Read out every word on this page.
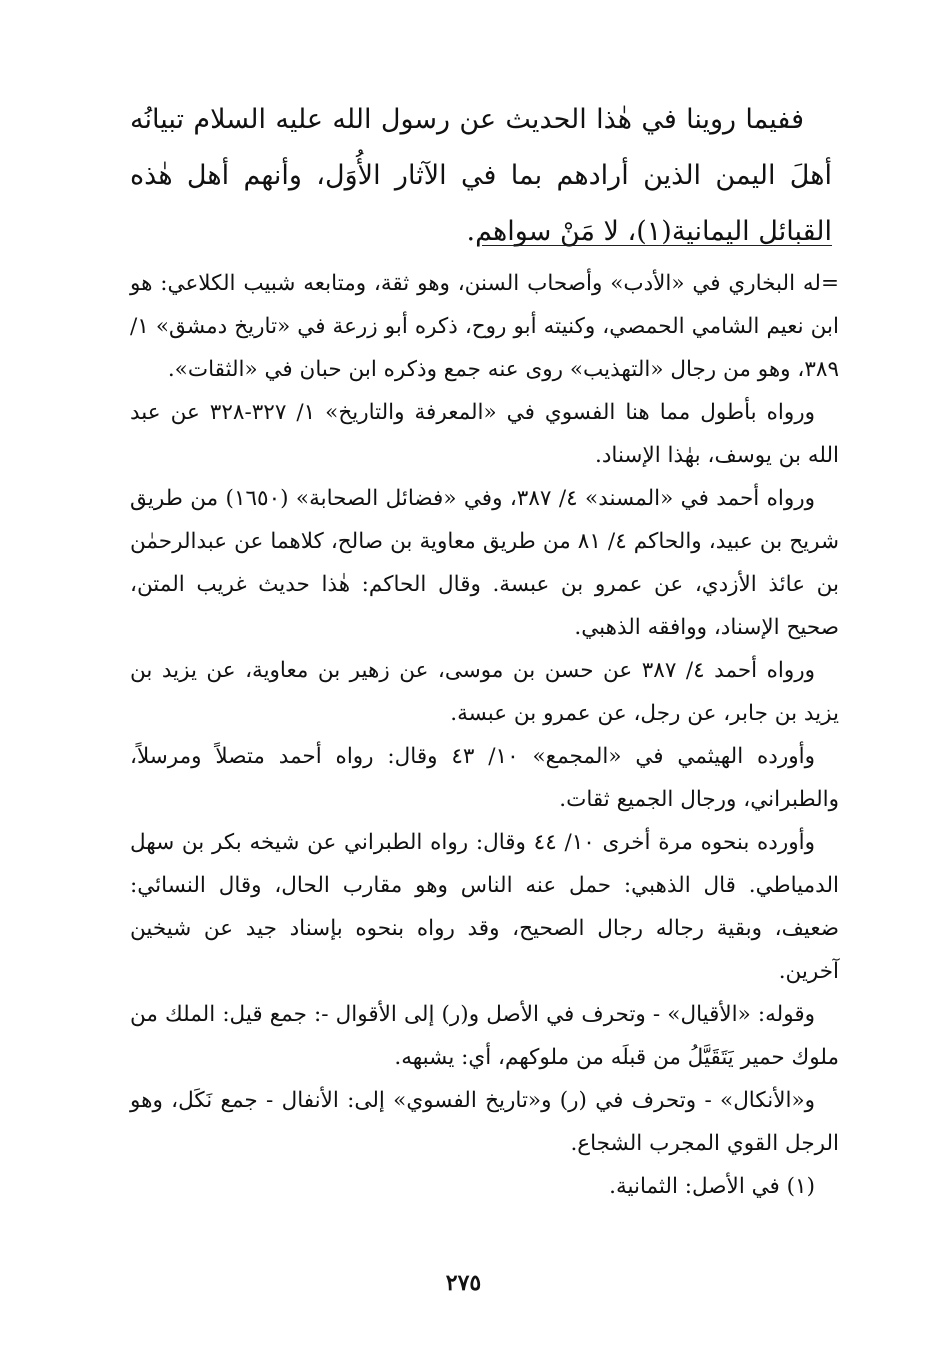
ففيما روينا في هٰذا الحديث عن رسول الله عليه السلام تبيانُه أهلَ اليمن الذين أرادهم بما في الآثار الأُوَل، وأنهم أهل هٰذه القبائل اليمانية(١)، لا مَنْ سواهم.

=له البخاري في «الأدب» وأصحاب السنن، وهو ثقة، ومتابعه شبيب الكلاعي: هو ابن نعيم الشامي الحمصي، وكنيته أبو روح، ذكره أبو زرعة في «تاريخ دمشق» ١/ ٣٨٩، وهو من رجال «التهذيب» روى عنه جمع وذكره ابن حبان في «الثقات».

ورواه بأطول مما هنا الفسوي في «المعرفة والتاريخ» ١/ ٣٢٧-٣٢٨ عن عبد الله بن يوسف، بهٰذا الإسناد.

ورواه أحمد في «المسند» ٤/ ٣٨٧، وفي «فضائل الصحابة» (١٦٥٠) من طريق شريح بن عبيد، والحاكم ٤/ ٨١ من طريق معاوية بن صالح، كلاهما عن عبدالرحمٰن بن عائذ الأزدي، عن عمرو بن عبسة. وقال الحاكم: هٰذا حديث غريب المتن، صحيح الإسناد، ووافقه الذهبي.

ورواه أحمد ٤/ ٣٨٧ عن حسن بن موسى، عن زهير بن معاوية، عن يزيد بن يزيد بن جابر، عن رجل، عن عمرو بن عبسة.

وأورده الهيثمي في «المجمع» ١٠/ ٤٣ وقال: رواه أحمد متصلاً ومرسلاً، والطبراني، ورجال الجميع ثقات.

وأورده بنحوه مرة أخرى ١٠/ ٤٤ وقال: رواه الطبراني عن شيخه بكر بن سهل الدمياطي. قال الذهبي: حمل عنه الناس وهو مقارب الحال، وقال النسائي: ضعيف، وبقية رجاله رجال الصحيح، وقد رواه بنحوه بإسناد جيد عن شيخين آخرين.

وقوله: «الأقيال» - وتحرف في الأصل و(ر) إلى الأقوال -: جمع قيل: الملك من ملوك حمير يَتَقَيَّلُ من قبلَه من ملوكهم، أي: يشبهه.

و«الأنكال» - وتحرف في (ر) و«تاريخ الفسوي» إلى: الأنفال - جمع نَكَل، وهو الرجل القوي المجرب الشجاع.

(١) في الأصل: الثمانية.

٢٧٥
